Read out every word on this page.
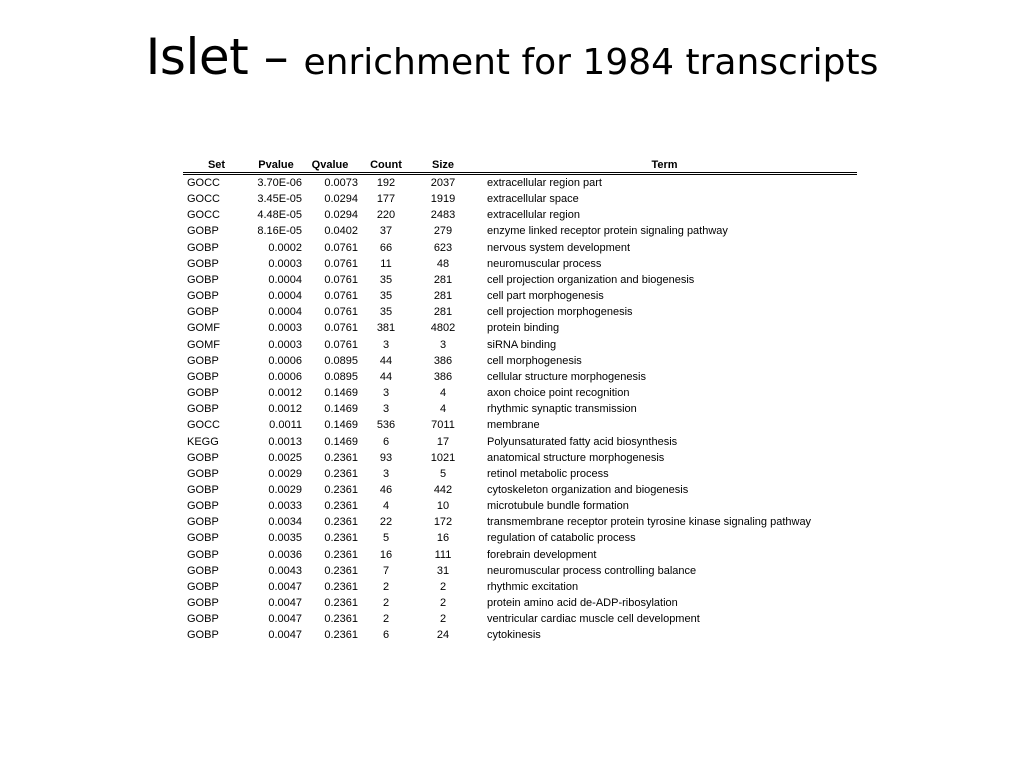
Islet – enrichment for 1984 transcripts
Set	Pvalue	Qvalue	Count	Size	Term
GOCC	3.70E-06	0.0073	192	2037	extracellular region part
GOCC	3.45E-05	0.0294	177	1919	extracellular space
GOCC	4.48E-05	0.0294	220	2483	extracellular region
GOBP	8.16E-05	0.0402	37	279	enzyme linked receptor protein signaling pathway
GOBP	0.0002	0.0761	66	623	nervous system development
GOBP	0.0003	0.0761	11	48	neuromuscular process
GOBP	0.0004	0.0761	35	281	cell projection organization and biogenesis
GOBP	0.0004	0.0761	35	281	cell part morphogenesis
GOBP	0.0004	0.0761	35	281	cell projection morphogenesis
GOMF	0.0003	0.0761	381	4802	protein binding
GOMF	0.0003	0.0761	3	3	siRNA binding
GOBP	0.0006	0.0895	44	386	cell morphogenesis
GOBP	0.0006	0.0895	44	386	cellular structure morphogenesis
GOBP	0.0012	0.1469	3	4	axon choice point recognition
GOBP	0.0012	0.1469	3	4	rhythmic synaptic transmission
GOCC	0.0011	0.1469	536	7011	membrane
KEGG	0.0013	0.1469	6	17	Polyunsaturated fatty acid biosynthesis
GOBP	0.0025	0.2361	93	1021	anatomical structure morphogenesis
GOBP	0.0029	0.2361	3	5	retinol metabolic process
GOBP	0.0029	0.2361	46	442	cytoskeleton organization and biogenesis
GOBP	0.0033	0.2361	4	10	microtubule bundle formation
GOBP	0.0034	0.2361	22	172	transmembrane receptor protein tyrosine kinase signaling pathway
GOBP	0.0035	0.2361	5	16	regulation of catabolic process
GOBP	0.0036	0.2361	16	111	forebrain development
GOBP	0.0043	0.2361	7	31	neuromuscular process controlling balance
GOBP	0.0047	0.2361	2	2	rhythmic excitation
GOBP	0.0047	0.2361	2	2	protein amino acid de-ADP-ribosylation
GOBP	0.0047	0.2361	2	2	ventricular cardiac muscle cell development
GOBP	0.0047	0.2361	6	24	cytokinesis
